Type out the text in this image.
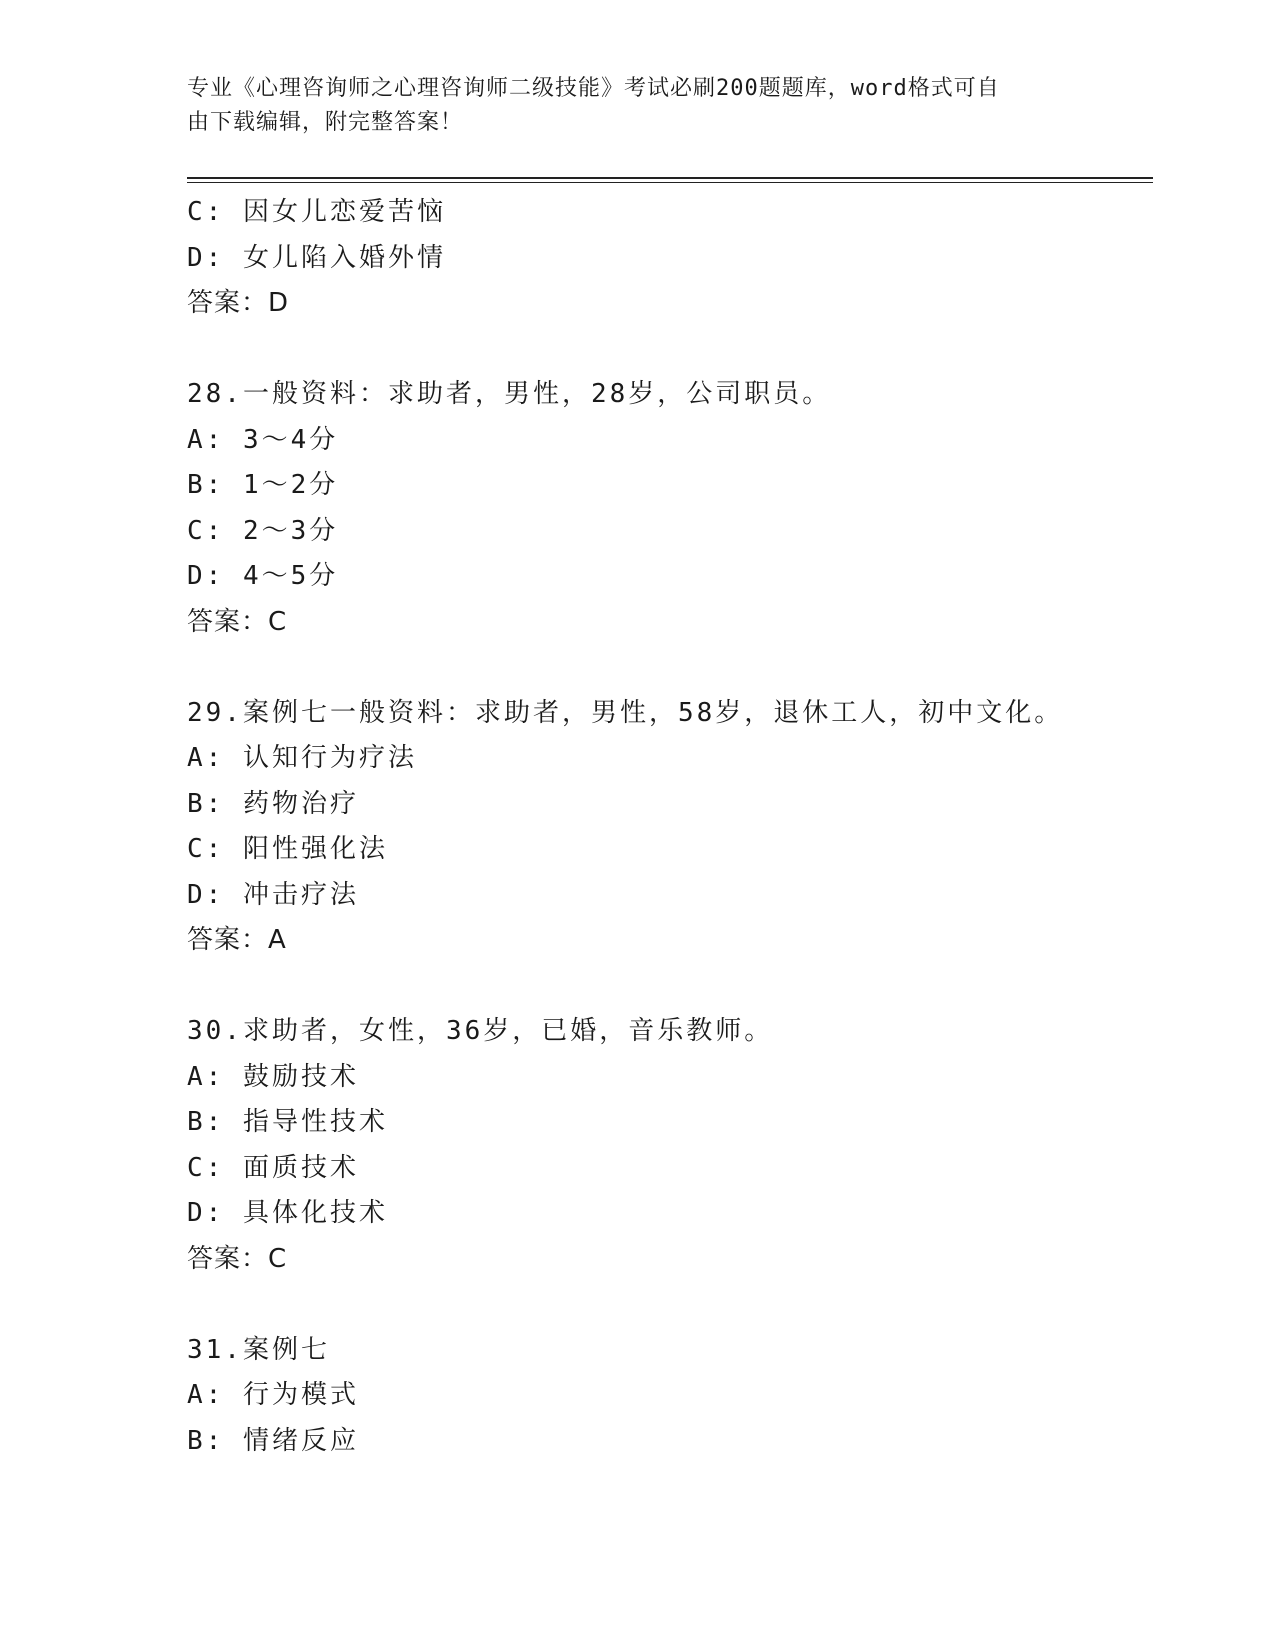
专业《心理咨询师之心理咨询师二级技能》考试必刷200题题库，word格式可自
由下载编辑，附完整答案！
C: 因女儿恋爱苦恼
D: 女儿陷入婚外情
答案：D
28.一般资料：求助者，男性，28岁，公司职员。
A: 3～4分
B: 1～2分
C: 2～3分
D: 4～5分
答案：C
29.案例七一般资料：求助者，男性，58岁，退休工人，初中文化。
A: 认知行为疗法
B: 药物治疗
C: 阳性强化法
D: 冲击疗法
答案：A
30.求助者，女性，36岁，已婚，音乐教师。
A: 鼓励技术
B: 指导性技术
C: 面质技术
D: 具体化技术
答案：C
31.案例七
A: 行为模式
B: 情绪反应
